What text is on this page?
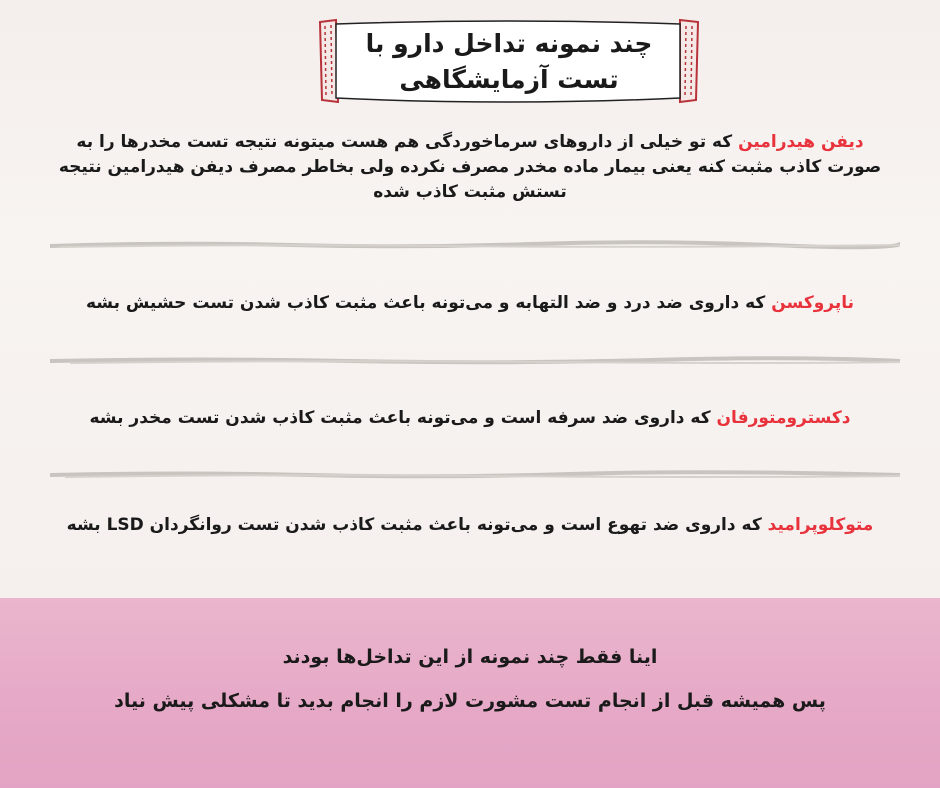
چند نمونه تداخل دارو با
تست آزمایشگاهی
دیفن هیدرامین که تو خیلی از داروهای سرماخوردگی هم هست میتونه نتیجه تست مخدرها را به
صورت کاذب مثبت کنه یعنی بیمار ماده مخدر مصرف نکرده ولی بخاطر مصرف دیفن هیدرامین نتیجه
تستش مثبت کاذب شده
ناپروکسن که داروی ضد درد و ضد التهابه و می‌تونه باعث مثبت کاذب شدن تست حشیش بشه
دکسترومتورفان که داروی ضد سرفه است و می‌تونه باعث مثبت کاذب شدن تست مخدر بشه
متوکلوپرامید که داروی ضد تهوع است و می‌تونه باعث مثبت کاذب شدن تست روانگردان LSD بشه
اینا فقط چند نمونه از این تداخل‌ها بودند
پس همیشه قبل از انجام تست مشورت لازم را انجام بدید تا مشکلی پیش نیاد
